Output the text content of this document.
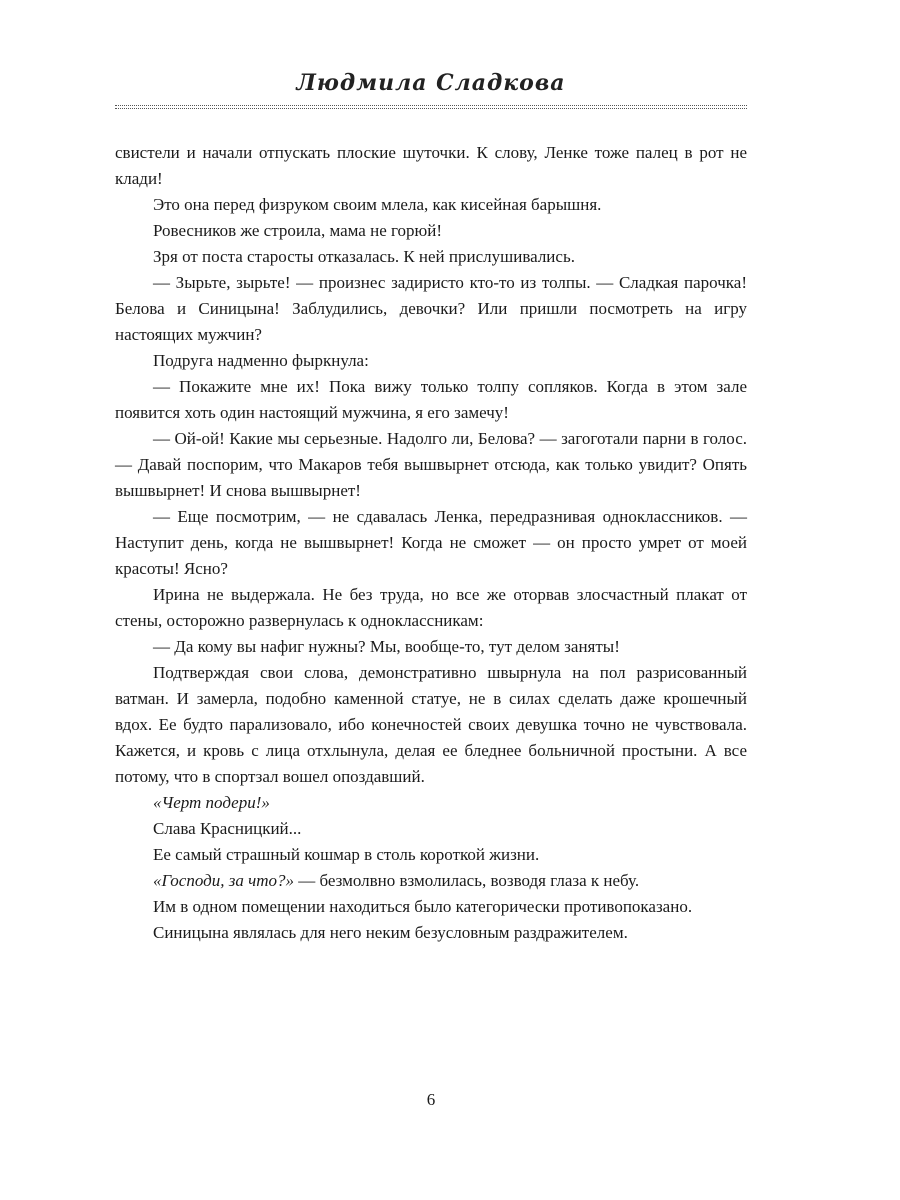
Людмила Сладкова

свистели и начали отпускать плоские шуточки. К слову, Ленке тоже палец в рот не клади!

Это она перед физруком своим млела, как кисейная барышня.

Ровесников же строила, мама не горюй!

Зря от поста старосты отказалась. К ней прислушивались.

— Зырьте, зырьте! — произнес задиристо кто-то из толпы. — Сладкая парочка! Белова и Синицына! Заблудились, девочки? Или пришли посмотреть на игру настоящих мужчин?

Подруга надменно фыркнула:

— Покажите мне их! Пока вижу только толпу сопляков. Когда в этом зале появится хоть один настоящий мужчина, я его замечу!

— Ой-ой! Какие мы серьезные. Надолго ли, Белова? — загоготали парни в голос. — Давай поспорим, что Макаров тебя вышвырнет отсюда, как только увидит? Опять вышвырнет! И снова вышвырнет!

— Еще посмотрим, — не сдавалась Ленка, передразнивая одноклассников. — Наступит день, когда не вышвырнет! Когда не сможет — он просто умрет от моей красоты! Ясно?

Ирина не выдержала. Не без труда, но все же оторвав злосчастный плакат от стены, осторожно развернулась к одноклассникам:

— Да кому вы нафиг нужны? Мы, вообще-то, тут делом заняты!

Подтверждая свои слова, демонстративно швырнула на пол разрисованный ватман. И замерла, подобно каменной статуе, не в силах сделать даже крошечный вдох. Ее будто парализовало, ибо конечностей своих девушка точно не чувствовала. Кажется, и кровь с лица отхлынула, делая ее бледнее больничной простыни. А все потому, что в спортзал вошел опоздавший.

«Черт подери!»

Слава Красницкий...

Ее самый страшный кошмар в столь короткой жизни.

«Господи, за что?» — безмолвно взмолилась, возводя глаза к небу.

Им в одном помещении находиться было категорически противопоказано.

Синицына являлась для него неким безусловным раздражителем.

6
